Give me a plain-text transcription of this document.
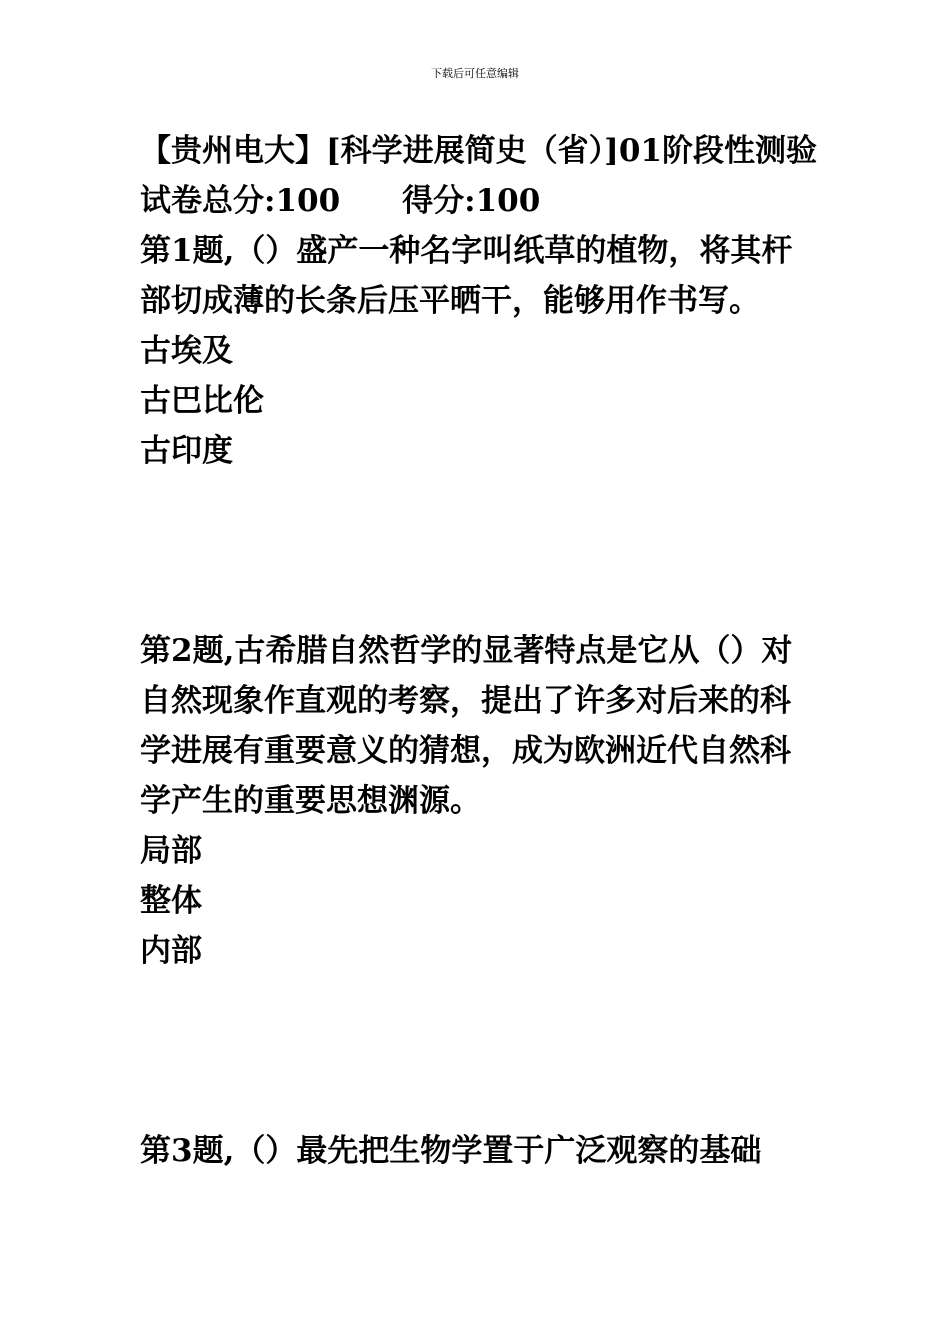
下载后可任意编辑
【贵州电大】[科学进展简史（省）]01阶段性测验
试卷总分:100 得分:100
第1题,（）盛产一种名字叫纸草的植物，将其杆部切成薄的长条后压平晒干，能够用作书写。
古埃及
古巴比伦
古印度
第2题,古希腊自然哲学的显著特点是它从（）对自然现象作直观的考察，提出了许多对后来的科学进展有重要意义的猜想，成为欧洲近代自然科学产生的重要思想渊源。
局部
整体
内部
第3题,（）最先把生物学置于广泛观察的基础
